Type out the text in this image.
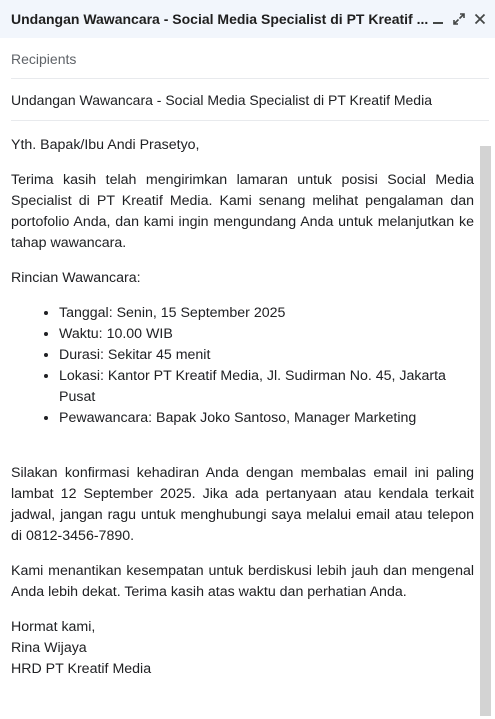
Undangan Wawancara - Social Media Specialist di PT Kreatif ...
Recipients
Undangan Wawancara - Social Media Specialist di PT Kreatif Media

Yth. Bapak/Ibu Andi Prasetyo,

Terima kasih telah mengirimkan lamaran untuk posisi Social Media Specialist di PT Kreatif Media. Kami senang melihat pengalaman dan portofolio Anda, dan kami ingin mengundang Anda untuk melanjutkan ke tahap wawancara.

Rincian Wawancara:

• Tanggal: Senin, 15 September 2025
• Waktu: 10.00 WIB
• Durasi: Sekitar 45 menit
• Lokasi: Kantor PT Kreatif Media, Jl. Sudirman No. 45, Jakarta Pusat
• Pewawancara: Bapak Joko Santoso, Manager Marketing

Silakan konfirmasi kehadiran Anda dengan membalas email ini paling lambat 12 September 2025. Jika ada pertanyaan atau kendala terkait jadwal, jangan ragu untuk menghubungi saya melalui email atau telepon di 0812-3456-7890.

Kami menantikan kesempatan untuk berdiskusi lebih jauh dan mengenal Anda lebih dekat. Terima kasih atas waktu dan perhatian Anda.

Hormat kami,
Rina Wijaya
HRD PT Kreatif Media
